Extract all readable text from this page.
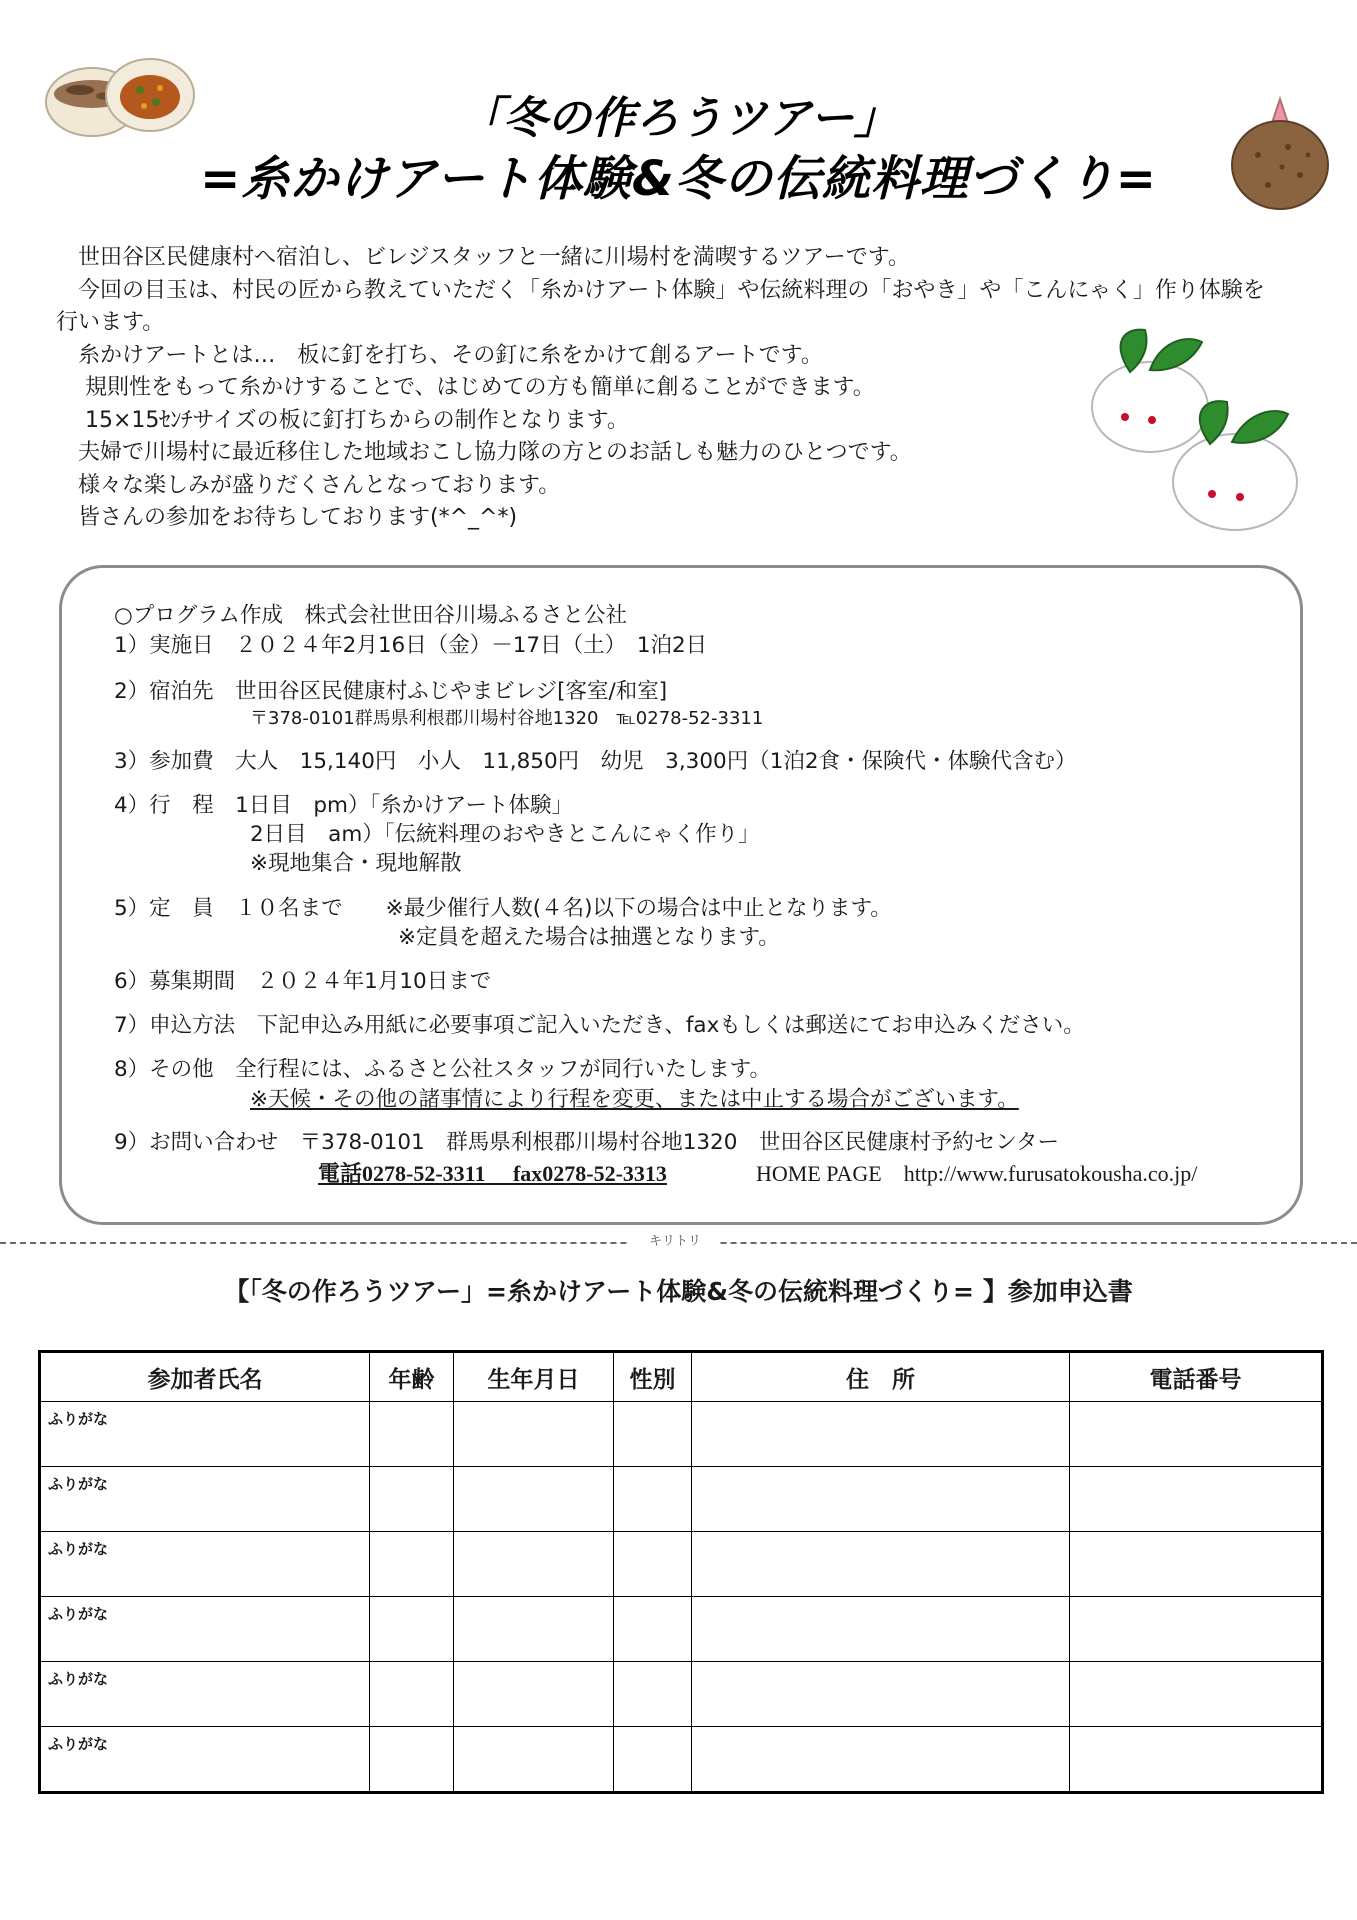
「冬の作ろうツアー」
=糸かけアート体験&冬の伝統料理づくり=
　世田谷区民健康村へ宿泊し、ビレジスタッフと一緒に川場村を満喫するツアーです。
　今回の目玉は、村民の匠から教えていただく「糸かけアート体験」や伝統料理の「おやき」や「こんにゃく」作り体験を
行います。
　糸かけアートとは…　板に釘を打ち、その釘に糸をかけて創るアートです。
　 規則性をもって糸かけすることで、はじめての方も簡単に創ることができます。
　 15×15ｾﾝﾁサイズの板に釘打ちからの制作となります。
　夫婦で川場村に最近移住した地域おこし協力隊の方とのお話しも魅力のひとつです。
　様々な楽しみが盛りだくさんとなっております。
　皆さんの参加をお待ちしております(*^_^*)
○プログラム作成　株式会社世田谷川場ふるさと公社
1）実施日　２０２４年2月16日（金）－17日（土）　1泊2日
2）宿泊先　世田谷区民健康村ふじやまビレジ[客室/和室]
〒378-0101群馬県利根郡川場村谷地1320　℡0278-52-3311
3）参加費　大人　15,140円　小人　11,850円　幼児　3,300円（1泊2食・保険代・体験代含む）
4）行　程　1日目　pm）「糸かけアート体験」
2日目　am）「伝統料理のおやきとこんにゃく作り」
※現地集合・現地解散
5）定　員　１０名まで　　※最少催行人数(４名)以下の場合は中止となります。
※定員を超えた場合は抽選となります。
6）募集期間　２０２４年1月10日まで
7）申込方法　下記申込み用紙に必要事項ご記入いただき、faxもしくは郵送にてお申込みください。
8）その他　全行程には、ふるさと公社スタッフが同行いたします。
※天候・その他の諸事情により行程を変更、または中止する場合がございます。
9）お問い合わせ　〒378-0101　群馬県利根郡川場村谷地1320　世田谷区民健康村予約センター
電話0278-52-3311　 fax0278-52-3313	HOME PAGE　http://www.furusatokousha.co.jp/
キリトリ
【「冬の作ろうツアー」=糸かけアート体験&冬の伝統料理づくり= 】参加申込書
参加者氏名	年齢	生年月日	性別	住　所	電話番号

ふりがな					

ふりがな					

ふりがな					

ふりがな					

ふりがな					

ふりがな					
